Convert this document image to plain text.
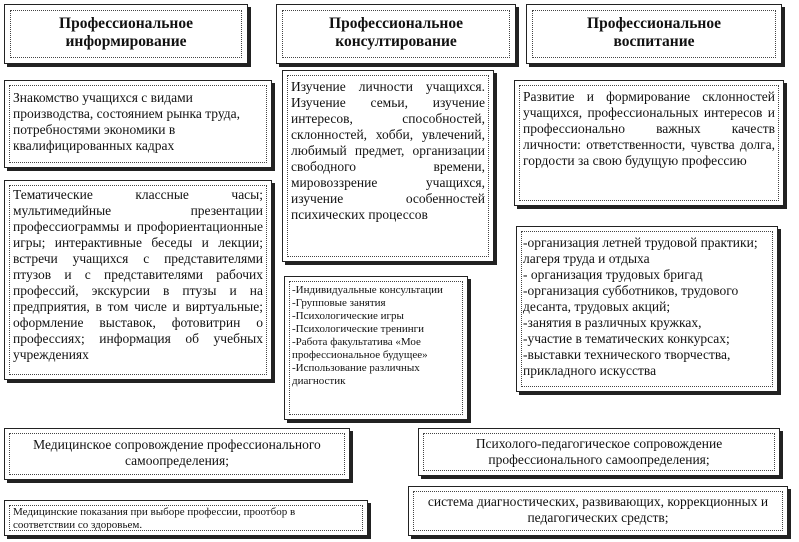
Профессиональное
информирование
Профессиональное
консултирование
Профессиональное
воспитание
Знакомство учащихся с видами производства, состоянием рынка труда, потребностями экономики в квалифицированных кадрах
Тематические классные часы; мультимедийные презентации профессиограммы и профориентационные игры; интерактивные беседы и лекции; встречи учащихся с представителями птузов и с представителями рабочих профессий, экскурсии в птузы и на предприятия, в том числе и виртуальные; оформление выставок, фотовитрин о профессиях; информация об учебных учреждениях
Изучение личности учащихся. Изучение семьи, изучение интересов, способностей, склонностей, хобби, увлечений, любимый предмет, организации свободного времени, мировоззрение учащихся, изучение особенностей психических процессов
-Индивидуальные консультации
-Групповые занятия
-Психологические игры
-Психологические тренинги
-Работа факультатива «Мое профессиональное будущее»
-Использование различных диагностик
Развитие и формирование склонностей учащихся, профессиональных интересов и профессионально важных качеств личности: ответственности, чувства долга, гордости за свою будущую профессию
-организация летней трудовой практики; лагеря труда и отдыха
- организация трудовых бригад
-организация субботников, трудового десанта, трудовых акций;
-занятия в различных кружках,
-участие в тематических конкурсах;
-выставки технического творчества, прикладного искусства
Медицинское сопровождение профессионального самоопределения;
Медицинские показания при выборе профессии, проотбор в соответствии со здоровьем.
Психолого-педагогическое сопровождение профессионального самоопределения;
система диагностических, развивающих, коррекционных и педагогических средств;
